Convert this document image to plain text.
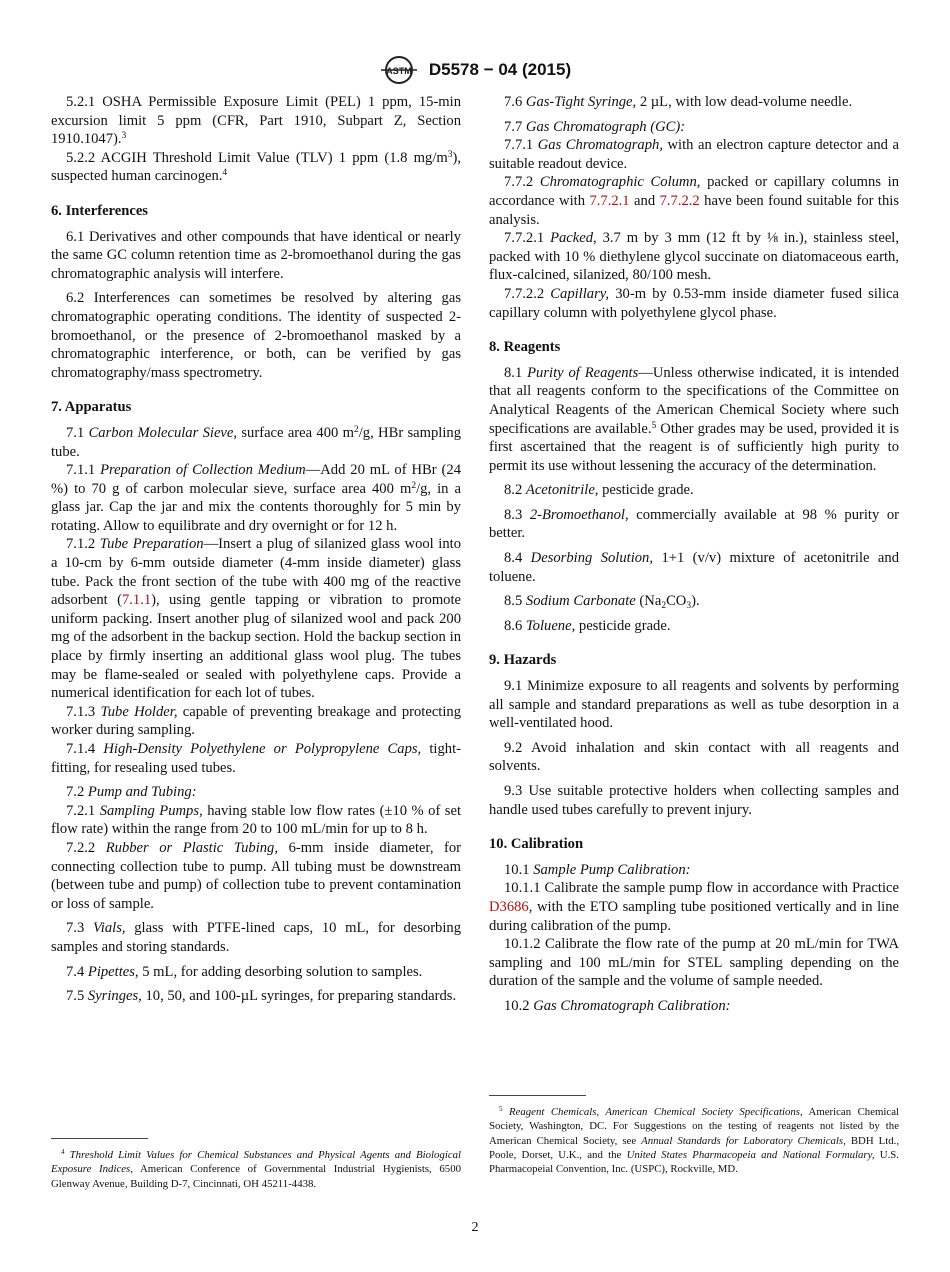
ASTM D5578 − 04 (2015)

5.2.1 OSHA Permissible Exposure Limit (PEL) 1 ppm, 15-min excursion limit 5 ppm (CFR, Part 1910, Subpart Z, Section 1910.1047).$^3$

5.2.2 ACGIH Threshold Limit Value (TLV) 1 ppm (1.8 $mg/m^3$), suspected human carcinogen.$^4$

6. Interferences

6.1 Derivatives and other compounds that have identical or nearly the same GC column retention time as 2-bromoethanol during the gas chromatographic analysis will interfere.

6.2 Interferences can sometimes be resolved by altering gas chromatographic operating conditions. The identity of suspected 2-bromoethanol, or the presence of 2-bromoethanol masked by a chromatographic interference, or both, can be verified by gas chromatography/mass spectrometry.

7. Apparatus

7.1 Carbon Molecular Sieve, surface area 400 $m^2/g$, HBr sampling tube.

7.1.1 Preparation of Collection Medium—Add 20 mL of HBr (24 %) to 70 g of carbon molecular sieve, surface area 400 $m^2/g$, in a glass jar. Cap the jar and mix the contents thoroughly for 5 min by rotating. Allow to equilibrate and dry overnight or for 12 h.

7.1.2 Tube Preparation—Insert a plug of silanized glass wool into a 10-cm by 6-mm outside diameter (4-mm inside diameter) glass tube. Pack the front section of the tube with 400 mg of the reactive adsorbent (7.1.1), using gentle tapping or vibration to promote uniform packing. Insert another plug of silanized wool and pack 200 mg of the adsorbent in the backup section. Hold the backup section in place by firmly inserting an additional glass wool plug. The tubes may be flame-sealed or sealed with polyethylene caps. Provide a numerical identification for each lot of tubes.

7.1.3 Tube Holder, capable of preventing breakage and protecting worker during sampling.

7.1.4 High-Density Polyethylene or Polypropylene Caps, tight-fitting, for resealing used tubes.

7.2 Pump and Tubing:

7.2.1 Sampling Pumps, having stable low flow rates (±10 % of set flow rate) within the range from 20 to 100 mL/min for up to 8 h.

7.2.2 Rubber or Plastic Tubing, 6-mm inside diameter, for connecting collection tube to pump. All tubing must be downstream (between tube and pump) of collection tube to prevent contamination or loss of sample.

7.3 Vials, glass with PTFE-lined caps, 10 mL, for desorbing samples and storing standards.

7.4 Pipettes, 5 mL, for adding desorbing solution to samples.

7.5 Syringes, 10, 50, and 100-µL syringes, for preparing standards.

$^4$ Threshold Limit Values for Chemical Substances and Physical Agents and Biological Exposure Indices, American Conference of Governmental Industrial Hygienists, 6500 Glenway Avenue, Building D-7, Cincinnati, OH 45211-4438.

7.6 Gas-Tight Syringe, 2 µL, with low dead-volume needle.

7.7 Gas Chromatograph (GC):

7.7.1 Gas Chromatograph, with an electron capture detector and a suitable readout device.

7.7.2 Chromatographic Column, packed or capillary columns in accordance with 7.7.2.1 and 7.7.2.2 have been found suitable for this analysis.

7.7.2.1 Packed, 3.7 m by 3 mm (12 ft by ⅛ in.), stainless steel, packed with 10 % diethylene glycol succinate on diatomaceous earth, flux-calcined, silanized, 80/100 mesh.

7.7.2.2 Capillary, 30-m by 0.53-mm inside diameter fused silica capillary column with polyethylene glycol phase.

8. Reagents

8.1 Purity of Reagents—Unless otherwise indicated, it is intended that all reagents conform to the specifications of the Committee on Analytical Reagents of the American Chemical Society where such specifications are available.$^5$ Other grades may be used, provided it is first ascertained that the reagent is of sufficiently high purity to permit its use without lessening the accuracy of the determination.

8.2 Acetonitrile, pesticide grade.

8.3 2-Bromoethanol, commercially available at 98 % purity or better.

8.4 Desorbing Solution, 1+1 (v/v) mixture of acetonitrile and toluene.

8.5 Sodium Carbonate $(Na_2CO_3)$.

8.6 Toluene, pesticide grade.

9. Hazards

9.1 Minimize exposure to all reagents and solvents by performing all sample and standard preparations as well as tube desorption in a well-ventilated hood.

9.2 Avoid inhalation and skin contact with all reagents and solvents.

9.3 Use suitable protective holders when collecting samples and handle used tubes carefully to prevent injury.

10. Calibration

10.1 Sample Pump Calibration:

10.1.1 Calibrate the sample pump flow in accordance with Practice D3686, with the ETO sampling tube positioned vertically and in line during calibration of the pump.

10.1.2 Calibrate the flow rate of the pump at 20 mL/min for TWA sampling and 100 mL/min for STEL sampling depending on the duration of the sample and the volume of sample needed.

10.2 Gas Chromatograph Calibration:

$^5$ Reagent Chemicals, American Chemical Society Specifications, American Chemical Society, Washington, DC. For Suggestions on the testing of reagents not listed by the American Chemical Society, see Annual Standards for Laboratory Chemicals, BDH Ltd., Poole, Dorset, U.K., and the United States Pharmacopeia and National Formulary, U.S. Pharmacopeial Convention, Inc. (USPC), Rockville, MD.
2
